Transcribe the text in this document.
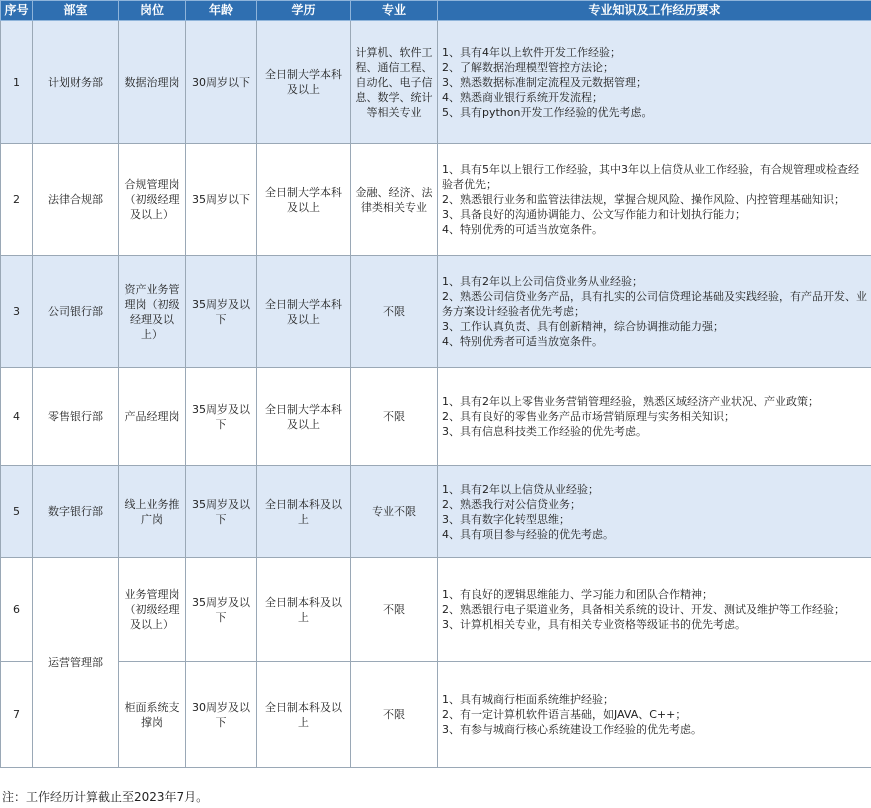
序号	部室	岗位	年龄	学历	专业	专业知识及工作经历要求
1	计划财务部	数据治理岗	30周岁以下	全日制大学本科及以上	计算机、软件工程、通信工程、自动化、电子信息、数学、统计等相关专业	1、具有4年以上软件开发工作经验；
2、了解数据治理模型管控方法论；
3、熟悉数据标准制定流程及元数据管理；
4、熟悉商业银行系统开发流程；
5、具有python开发工作经验的优先考虑。

2	法律合规部	合规管理岗（初级经理及以上）	35周岁以下	全日制大学本科及以上	金融、经济、法律类相关专业	1、具有5年以上银行工作经验，其中3年以上信贷从业工作经验，有合规管理或检查经验者优先；
2、熟悉银行业务和监管法律法规，掌握合规风险、操作风险、内控管理基础知识；
3、具备良好的沟通协调能力、公文写作能力和计划执行能力；
4、特别优秀的可适当放宽条件。

3	公司银行部	资产业务管理岗（初级经理及以上）	35周岁及以下	全日制大学本科及以上	不限	1、具有2年以上公司信贷业务从业经验；
2、熟悉公司信贷业务产品，具有扎实的公司信贷理论基础及实践经验，有产品开发、业务方案设计经验者优先考虑；
3、工作认真负责、具有创新精神，综合协调推动能力强；
4、特别优秀者可适当放宽条件。

4	零售银行部	产品经理岗	35周岁及以下	全日制大学本科及以上	不限	1、具有2年以上零售业务营销管理经验，熟悉区域经济产业状况、产业政策；
2、具有良好的零售业务产品市场营销原理与实务相关知识；
3、具有信息科技类工作经验的优先考虑。

5	数字银行部	线上业务推广岗	35周岁及以下	全日制本科及以上	专业不限	1、具有2年以上信贷从业经验；
2、熟悉我行对公信贷业务；
3、具有数字化转型思维；
4、具有项目参与经验的优先考虑。

6	运营管理部	业务管理岗（初级经理及以上）	35周岁及以下	全日制本科及以上	不限	1、有良好的逻辑思维能力、学习能力和团队合作精神；
2、熟悉银行电子渠道业务，具备相关系统的设计、开发、测试及维护等工作经验；
3、计算机相关专业，具有相关专业资格等级证书的优先考虑。

7		柜面系统支撑岗	30周岁及以下	全日制本科及以上	不限	1、具有城商行柜面系统维护经验；
2、有一定计算机软件语言基础，如JAVA、C++；
3、有参与城商行核心系统建设工作经验的优先考虑。
注：工作经历计算截止至2023年7月。
